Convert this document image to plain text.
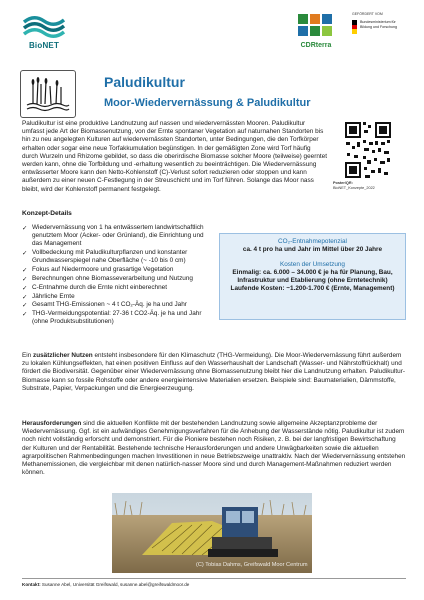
BioNET	CDRterra
GEFÖRDERT VOM
Bundesministerium für Bildung und Forschung
Paludikultur
Moor-Wiedervernässung & Paludikultur

Paludikultur ist eine produktive Landnutzung auf nassen und wiedervernässten Mooren. Paludikultur umfasst jede Art der Biomassenutzung, von der Ernte spontaner Vegetation auf naturnahen Standorten bis hin zu neu angelegten Kulturen auf wiedervernässten Standorten, unter Bedingungen, die den Torfkörper erhalten oder sogar eine neue Torfakkumulation begünstigen. In der gemäßigten Zone wird Torf häufig durch Wurzeln und Rhizome gebildet, so dass die oberirdische Biomasse solcher Moore (teilweise) geerntet werden kann, ohne die Torfbildung und -erhaltung wesentlich zu beeinträchtigen. Die Wiedervernässung entwässerter Moore kann den Netto-Kohlenstoff (C)-Verlust sofort reduzieren oder stoppen und kann außerdem zu einer neuen C-Festlegung in der Streuschicht und im Torf führen. Solange das Moor nass bleibt, wird der Kohlenstoff permanent festgelegt.

Poster/QR:
BioNET_Konzepte_2022
Konzept-Details
✓ Wiedervernässung von 1 ha entwässertem landwirtschaftlich genutztem Moor (Acker- oder Grünland), die Einrichtung und das Management
✓ Vollbedeckung mit Paludikulturpflanzen und konstanter Grundwasserspiegel nahe Oberfläche (~ -10 bis 0 cm)
✓ Fokus auf Niedermoore und grasartige Vegetation
✓ Berechnungen ohne Biomasseverarbeitung und Nutzung
✓ C-Entnahme durch die Ernte nicht einberechnet
✓ Jährliche Ernte
✓ Gesamt THG-Emissionen ~ 4 t CO₂-Äq. je ha und Jahr
✓ THG-Vermeidungspotential: 27-36 t CO2-Äq. je ha und Jahr (ohne Produktsubstitutionen)
CO₂-Entnahmepotenzial
ca. 4 t pro ha und Jahr im Mittel über 20 Jahre
Kosten der Umsetzung
Einmalig: ca. 6.000 – 34.000 € je ha für Planung, Bau, Infrastruktur und Etablierung (ohne Erntetechnik)
Laufende Kosten: ~1.200-1.700 € (Ernte, Management)

Ein zusätzlicher Nutzen entsteht insbesondere für den Klimaschutz (THG-Vermeidung). Die Moor-Wiedervernässung führt außerdem zu lokalen Kühlungseffekten, hat einen positiven Einfluss auf den Wasserhaushalt der Landschaft (Wasser- und Nährstoffrückhalt) und fördert die Biodiversität. Gegenüber einer Wiedervernässung ohne Biomassenutzung bleibt hier die Landnutzung erhalten. Paludikultur-Biomasse kann so fossile Rohstoffe oder andere energieintensive Materialien ersetzen. Beispiele sind: Baumaterialien, Dämmstoffe, Substrate, Papier, Verpackungen und die Energieerzeugung.

Herausforderungen sind die aktuellen Konflikte mit der bestehenden Landnutzung sowie allgemeine Akzeptanzprobleme der Wiedervernässung. Ggf. ist ein aufwändiges Genehmigungsverfahren für die Anhebung der Wasserstände nötig. Paludikultur ist zudem noch nicht vollständig erforscht und demonstriert. Für die Pioniere bestehen noch Risiken, z. B. bei der langfristigen Bewirtschaftung der Kulturen und der Rentabilität. Bestehende technische Herausforderungen und andere Unwägbarkeiten sowie die aktuellen agrarpolitischen Rahmenbedingungen machen Investitionen in neue Betriebszweige unattraktiv. Nach der Wiedervernässung entstehen Methanemissionen, die vergleichbar mit denen natürlich-nasser Moore sind und durch Management-Maßnahmen reduziert werden können.

(C) Tobias Dahms, Greifswald Moor Centrum
Kontakt: Susanne Abel, Universität Greifswald, susanne.abel@greifswaldmoor.de
